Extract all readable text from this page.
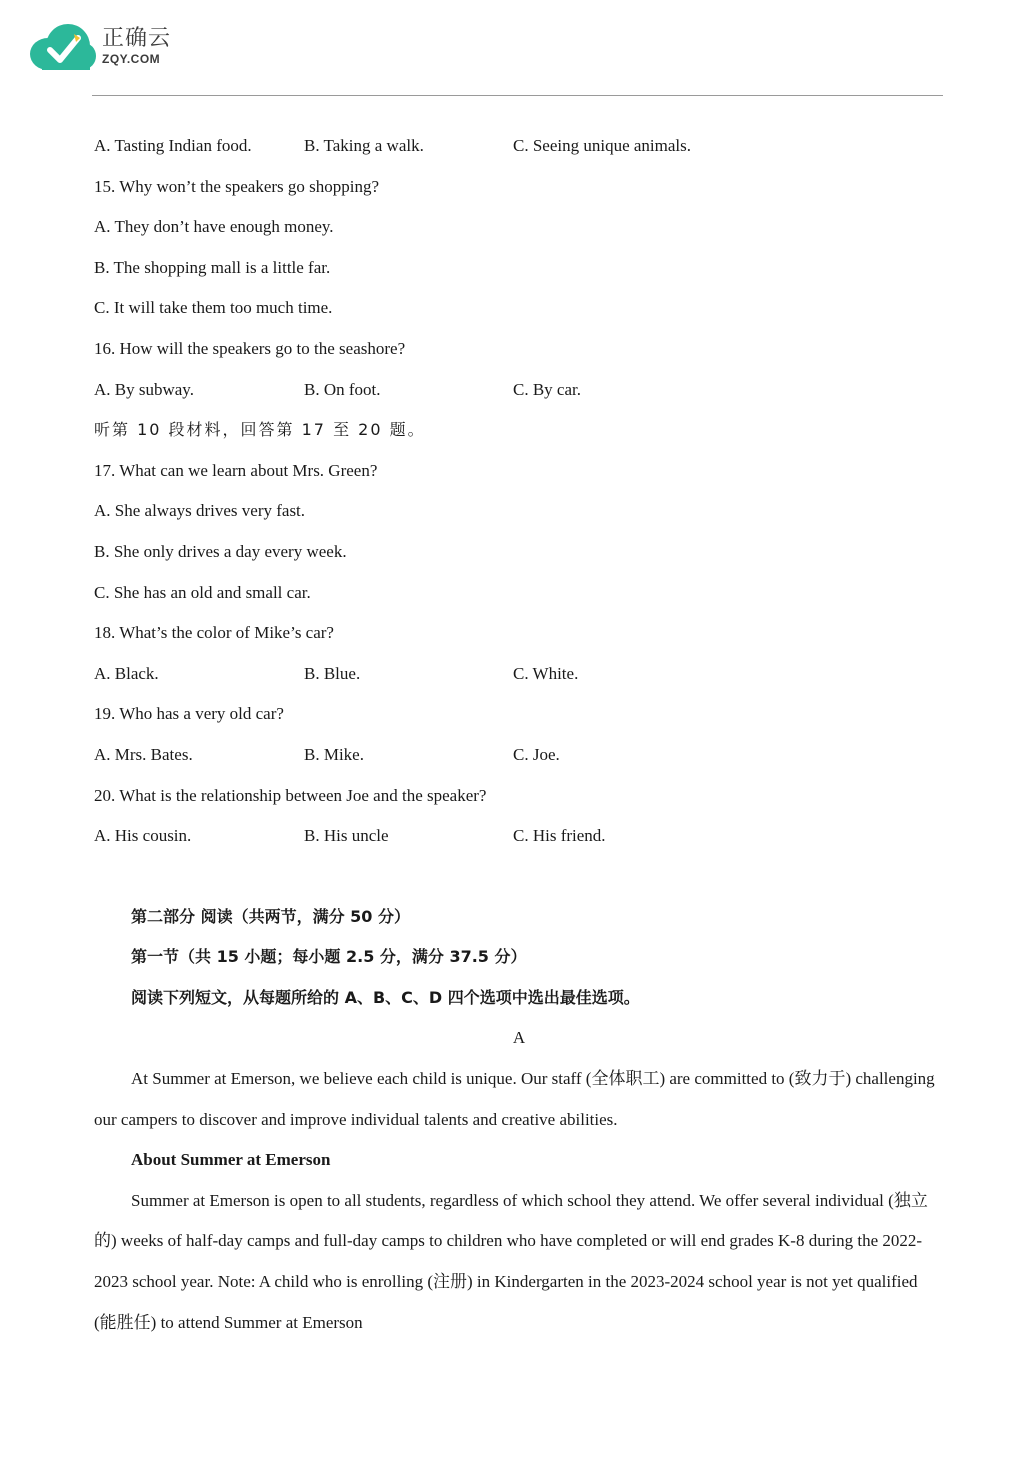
正确云
ZQY.COM
A. Tasting Indian food.	B. Taking a walk.	C. Seeing unique animals.
15. Why won’t the speakers go shopping?
A. They don’t have enough money.
B. The shopping mall is a little far.
C. It will take them too much time.
16. How will the speakers go to the seashore?
A. By subway.	B. On foot.	C. By car.
听第 10 段材料，回答第 17 至 20 题。
17. What can we learn about Mrs. Green?
A. She always drives very fast.
B. She only drives a day every week.
C. She has an old and small car.
18. What’s the color of Mike’s car?
A. Black.	B. Blue.	C. White.
19. Who has a very old car?
A. Mrs. Bates.	B. Mike.	C. Joe.
20. What is the relationship between Joe and the speaker?
A. His cousin.	B. His uncle	C. His friend.
第二部分 阅读（共两节，满分 50 分）
第一节（共 15 小题；每小题 2.5 分，满分 37.5 分）
阅读下列短文，从每题所给的 A、B、C、D 四个选项中选出最佳选项。
A
At Summer at Emerson, we believe each child is unique. Our staff (全体职工) are committed to (致力于) challenging our campers to discover and improve individual talents and creative abilities.
About Summer at Emerson
Summer at Emerson is open to all students, regardless of which school they attend. We offer several individual (独立的) weeks of half-day camps and full-day camps to children who have completed or will end grades K-8 during the 2022-2023 school year. Note: A child who is enrolling (注册) in Kindergarten in the 2023-2024 school year is not yet qualified (能胜任) to attend Summer at Emerson
